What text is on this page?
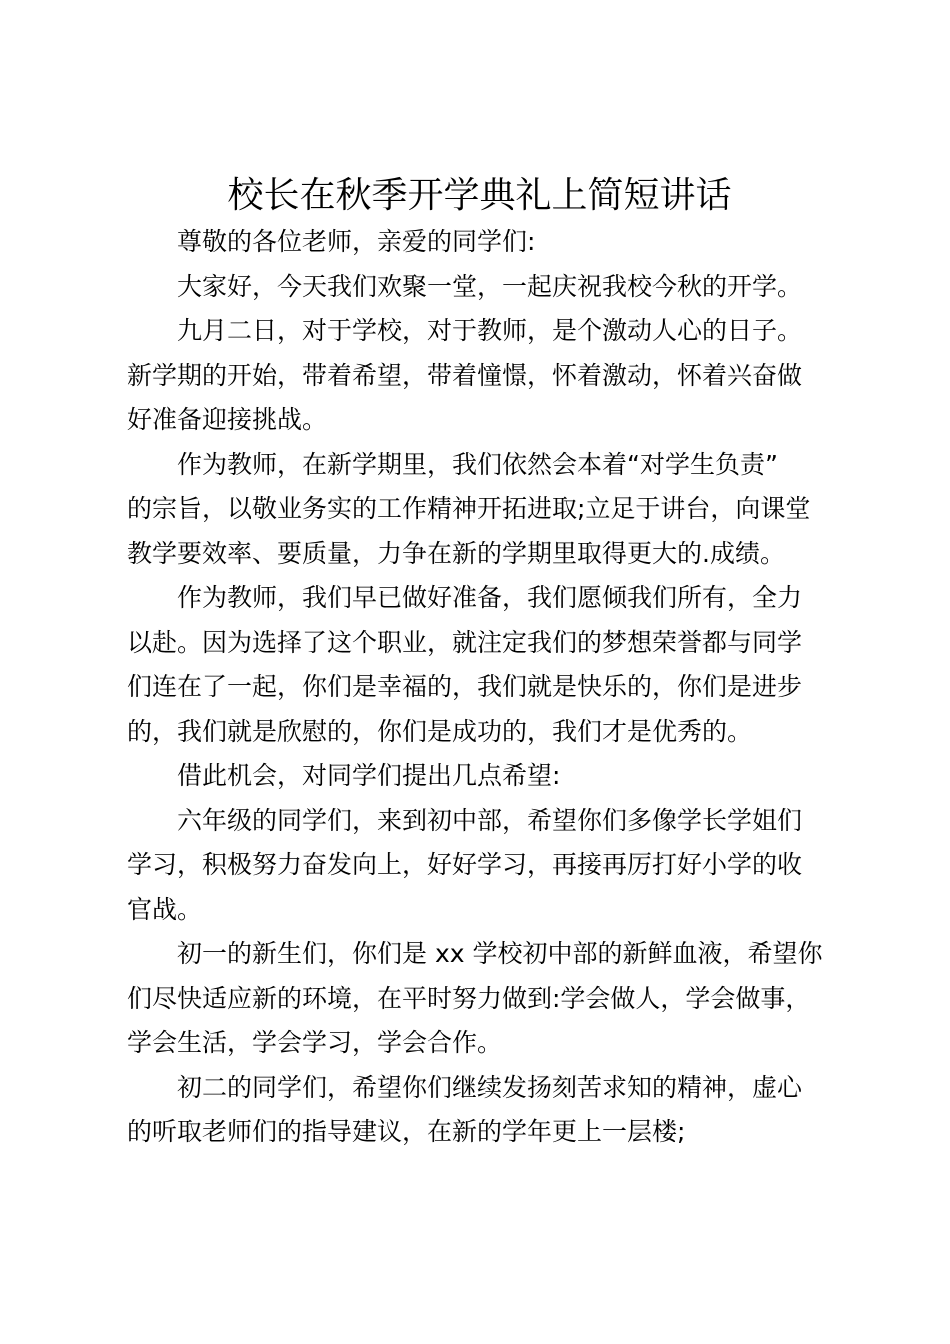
校长在秋季开学典礼上简短讲话

尊敬的各位老师，亲爱的同学们:

大家好，今天我们欢聚一堂，一起庆祝我校今秋的开学。

九月二日，对于学校，对于教师，是个激动人心的日子。
新学期的开始，带着希望，带着憧憬，怀着激动，怀着兴奋做
好准备迎接挑战。

作为教师，在新学期里，我们依然会本着“对学生负责”
的宗旨，以敬业务实的工作精神开拓进取;立足于讲台，向课堂
教学要效率、要质量，力争在新的学期里取得更大的.成绩。

作为教师，我们早已做好准备，我们愿倾我们所有，全力
以赴。因为选择了这个职业，就注定我们的梦想荣誉都与同学
们连在了一起，你们是幸福的，我们就是快乐的，你们是进步
的，我们就是欣慰的，你们是成功的，我们才是优秀的。

借此机会，对同学们提出几点希望:

六年级的同学们，来到初中部，希望你们多像学长学姐们
学习，积极努力奋发向上，好好学习，再接再厉打好小学的收
官战。

初一的新生们，你们是 xx 学校初中部的新鲜血液，希望你
们尽快适应新的环境，在平时努力做到:学会做人，学会做事，
学会生活，学会学习，学会合作。

初二的同学们，希望你们继续发扬刻苦求知的精神，虚心
的听取老师们的指导建议，在新的学年更上一层楼;
